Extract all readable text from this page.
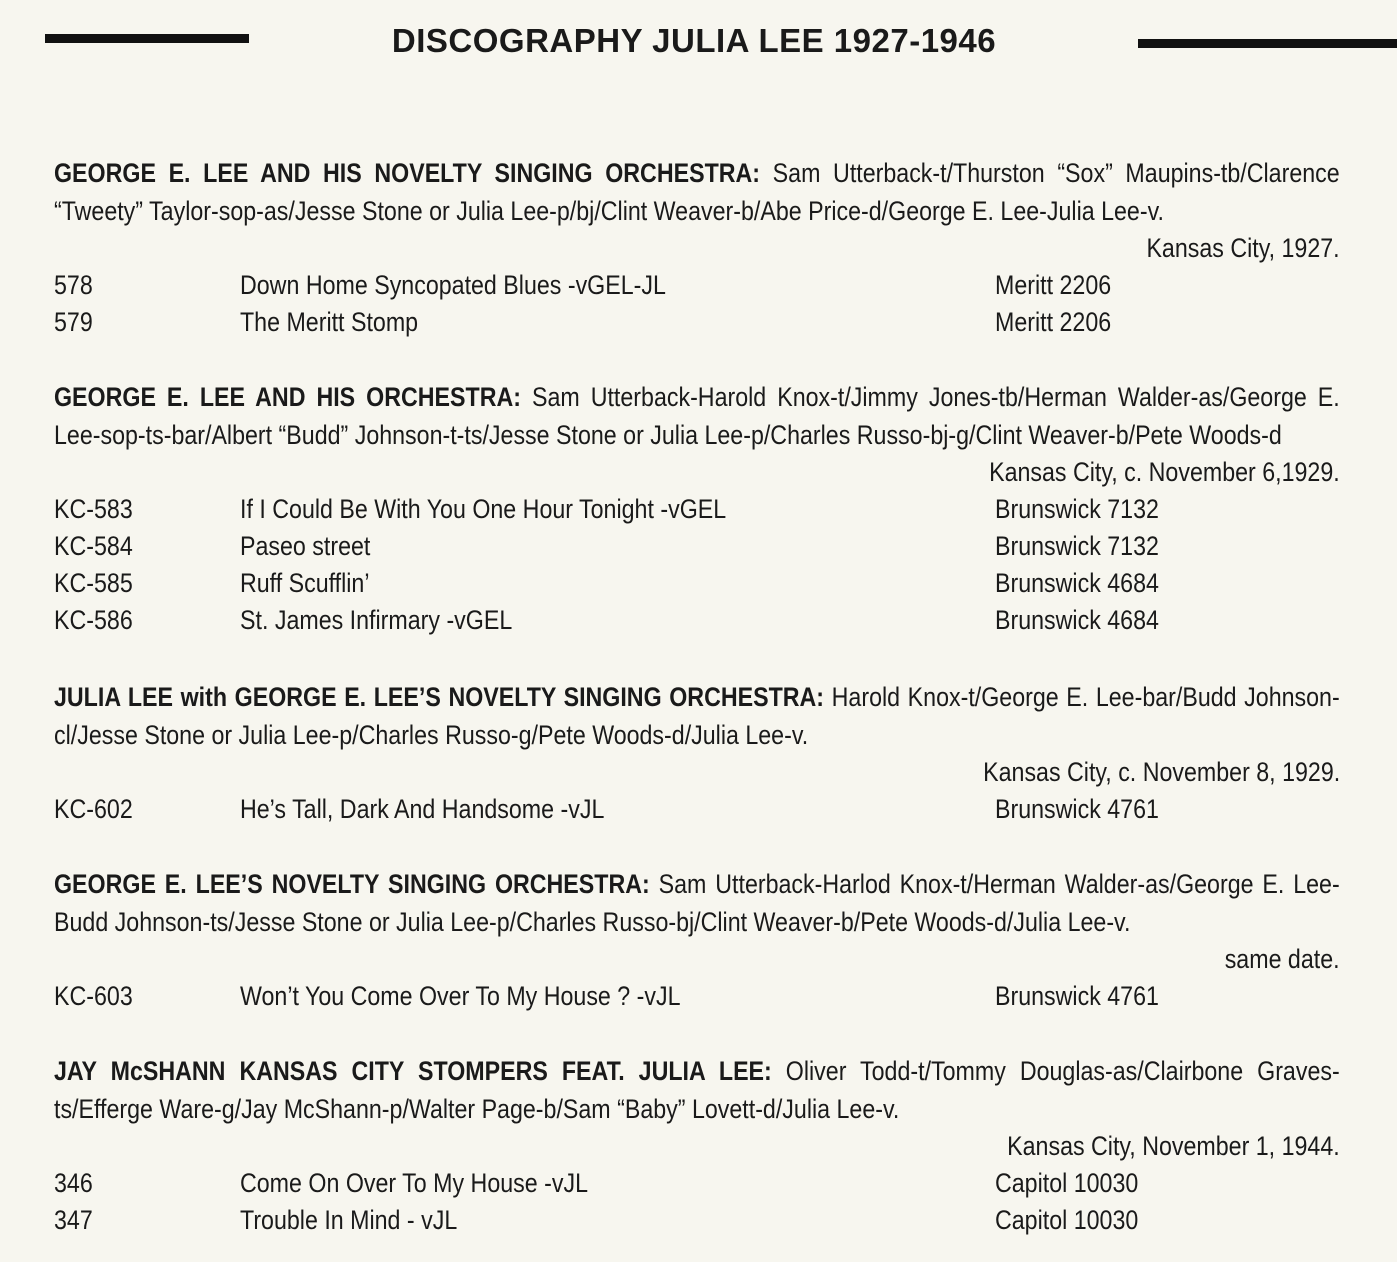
DISCOGRAPHY JULIA LEE 1927-1946
GEORGE E. LEE AND HIS NOVELTY SINGING ORCHESTRA: Sam Utterback-t/Thurston “Sox” Maupins-tb/Clarence “Tweety” Taylor-sop-as/Jesse Stone or Julia Lee-p/bj/Clint Weaver-b/Abe Price-d/George E. Lee-Julia Lee-v.
Kansas City, 1927.
578	Down Home Syncopated Blues -vGEL-JL	Meritt 2206
579	The Meritt Stomp	Meritt 2206
GEORGE E. LEE AND HIS ORCHESTRA: Sam Utterback-Harold Knox-t/Jimmy Jones-tb/Herman Walder-as/George E. Lee-sop-ts-bar/Albert “Budd” Johnson-t-ts/Jesse Stone or Julia Lee-p/Charles Russo-bj-g/Clint Weaver-b/Pete Woods-d
Kansas City, c. November 6,1929.
KC-583	If I Could Be With You One Hour Tonight -vGEL	Brunswick 7132
KC-584	Paseo street	Brunswick 7132
KC-585	Ruff Scufflin’	Brunswick 4684
KC-586	St. James Infirmary -vGEL	Brunswick 4684
JULIA LEE with GEORGE E. LEE’S NOVELTY SINGING ORCHESTRA: Harold Knox-t/George E. Lee-bar/Budd Johnson-cl/Jesse Stone or Julia Lee-p/Charles Russo-g/Pete Woods-d/Julia Lee-v.
Kansas City, c. November 8, 1929.
KC-602	He’s Tall, Dark And Handsome -vJL	Brunswick 4761
GEORGE E. LEE’S NOVELTY SINGING ORCHESTRA: Sam Utterback-Harlod Knox-t/Herman Walder-as/George E. Lee-Budd Johnson-ts/Jesse Stone or Julia Lee-p/Charles Russo-bj/Clint Weaver-b/Pete Woods-d/Julia Lee-v.
same date.
KC-603	Won’t You Come Over To My House ? -vJL	Brunswick 4761
JAY McSHANN KANSAS CITY STOMPERS FEAT. JULIA LEE: Oliver Todd-t/Tommy Douglas-as/Clairbone Graves-ts/Efferge Ware-g/Jay McShann-p/Walter Page-b/Sam “Baby” Lovett-d/Julia Lee-v.
Kansas City, November 1, 1944.
346	Come On Over To My House -vJL	Capitol 10030
347	Trouble In Mind - vJL	Capitol 10030
